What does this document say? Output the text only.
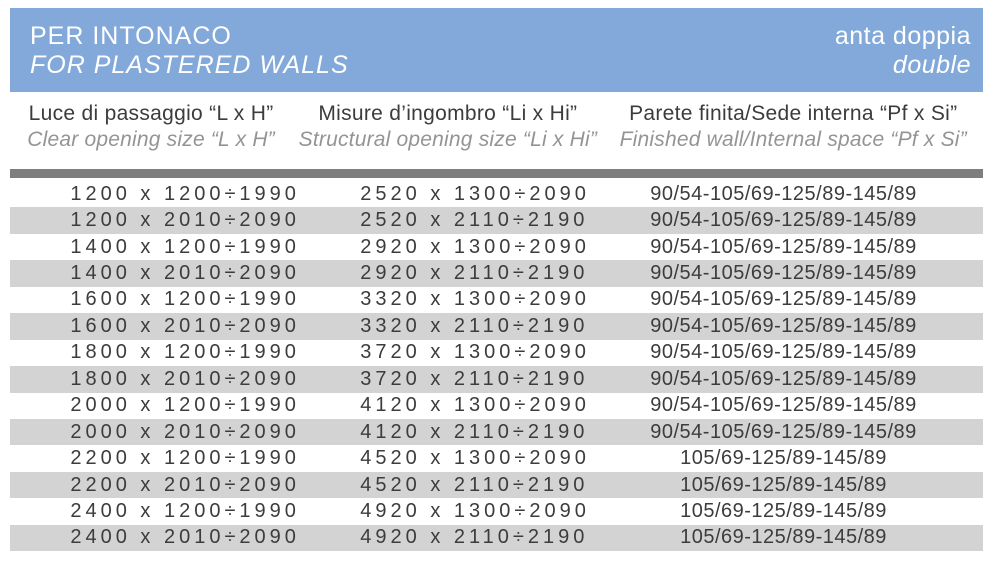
PER INTONACO
FOR PLASTERED WALLS
anta doppia
double
Luce di passaggio “L x H”
Clear opening size “L x H”
Misure d’ingombro “Li x Hi”
Structural opening size “Li x Hi”
Parete finita/Sede interna “Pf x Si”
Finished wall/Internal space “Pf x Si”
1200 x 1200÷1990	2520 x 1300÷2090	90/54-105/69-125/89-145/89
1200 x 2010÷2090	2520 x 2110÷2190	90/54-105/69-125/89-145/89
1400 x 1200÷1990	2920 x 1300÷2090	90/54-105/69-125/89-145/89
1400 x 2010÷2090	2920 x 2110÷2190	90/54-105/69-125/89-145/89
1600 x 1200÷1990	3320 x 1300÷2090	90/54-105/69-125/89-145/89
1600 x 2010÷2090	3320 x 2110÷2190	90/54-105/69-125/89-145/89
1800 x 1200÷1990	3720 x 1300÷2090	90/54-105/69-125/89-145/89
1800 x 2010÷2090	3720 x 2110÷2190	90/54-105/69-125/89-145/89
2000 x 1200÷1990	4120 x 1300÷2090	90/54-105/69-125/89-145/89
2000 x 2010÷2090	4120 x 2110÷2190	90/54-105/69-125/89-145/89
2200 x 1200÷1990	4520 x 1300÷2090	105/69-125/89-145/89
2200 x 2010÷2090	4520 x 2110÷2190	105/69-125/89-145/89
2400 x 1200÷1990	4920 x 1300÷2090	105/69-125/89-145/89
2400 x 2010÷2090	4920 x 2110÷2190	105/69-125/89-145/89
